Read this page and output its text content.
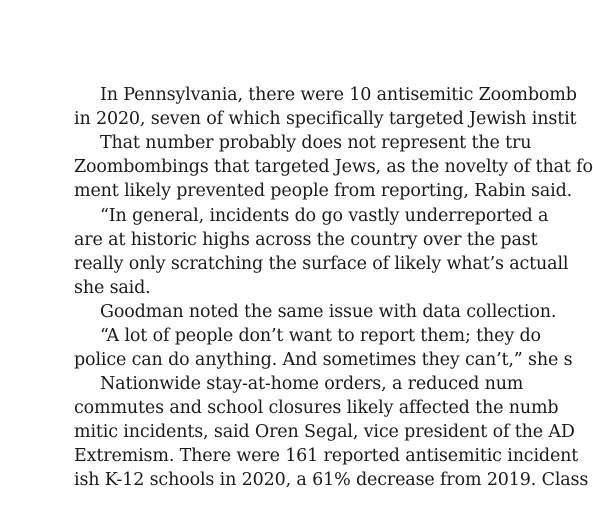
In Pennsylvania, there were 10 antisemitic Zoombomb
in 2020, seven of which specifically targeted Jewish instit
That number probably does not represent the tru
Zoombombings that targeted Jews, as the novelty of that fo
ment likely prevented people from reporting, Rabin said.
“In general, incidents do go vastly underreported a
are at historic highs across the country over the past
really only scratching the surface of likely what’s actuall
she said.
Goodman noted the same issue with data collection.
“A lot of people don’t want to report them; they do
police can do anything. And sometimes they can’t,” she s
Nationwide stay-at-home orders, a reduced num
commutes and school closures likely affected the numb
mitic incidents, said Oren Segal, vice president of the AD
Extremism. There were 161 reported antisemitic incident
ish K-12 schools in 2020, a 61% decrease from 2019. Class
